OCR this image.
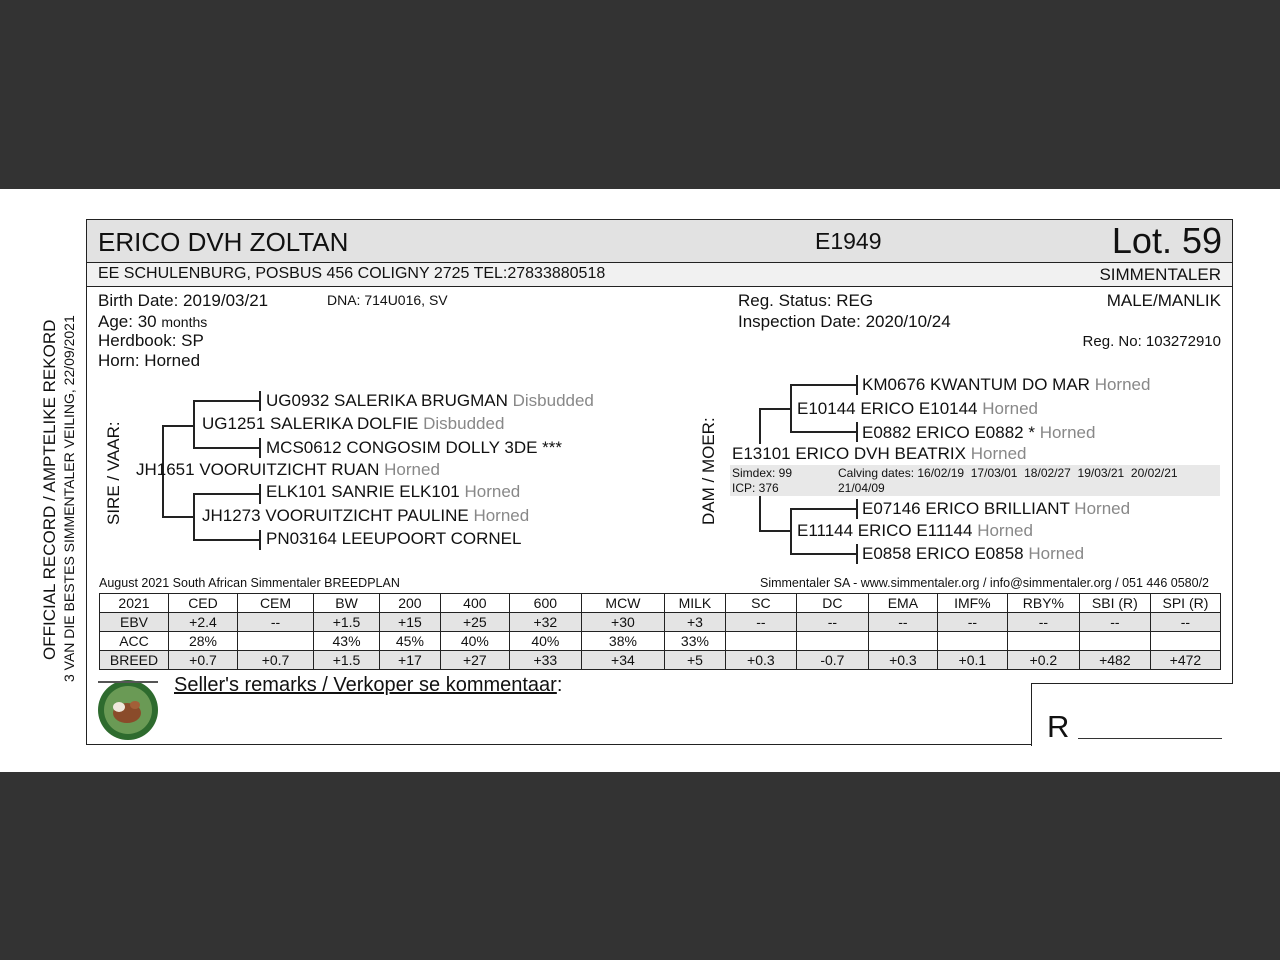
OFFICIAL RECORD / AMPTELIKE REKORD 3 VAN DIE BESTES SIMMENTALER VEILING, 22/09/2021
ERICO DVH ZOLTAN	E1949	Lot. 59
EE SCHULENBURG, POSBUS 456 COLIGNY 2725 TEL:27833880518	SIMMENTALER
Birth Date: 2019/03/21	DNA: 714U016, SV
Age: 30 months
Herdbook: SP
Horn: Horned
Reg. Status: REG
Inspection Date: 2020/10/24
MALE/MANLIK
Reg. No: 103272910
SIRE / VAAR:	DAM / MOER:
UG0932 SALERIKA BRUGMAN Disbudded
UG1251 SALERIKA DOLFIE Disbudded
MCS0612 CONGOSIM DOLLY 3DE ***
JH1651 VOORUITZICHT RUAN Horned
ELK101 SANRIE ELK101 Horned
JH1273 VOORUITZICHT PAULINE Horned
PN03164 LEEUPOORT CORNEL
Simdex: 99
ICP: 376
Calving dates: 16/02/19  17/03/01  18/02/27  19/03/21  20/02/21
21/04/09
KM0676 KWANTUM DO MAR Horned
E10144 ERICO E10144 Horned
E0882 ERICO E0882 * Horned
E13101 ERICO DVH BEATRIX Horned
E07146 ERICO BRILLIANT Horned
E11144 ERICO E11144 Horned
E0858 ERICO E0858 Horned
August 2021 South African Simmentaler BREEDPLAN	Simmentaler SA - www.simmentaler.org / info@simmentaler.org / 051 446 0580/2
2021	CED	CEM	BW	200	400	600	MCW	MILK	SC	DC	EMA	IMF%	RBY%	SBI (R)	SPI (R)
EBV	+2.4	--	+1.5	+15	+25	+32	+30	+3	--	--	--	--	--	--	--
ACC	28%		43%	45%	40%	40%	38%	33%							
BREED	+0.7	+0.7	+1.5	+17	+27	+33	+34	+5	+0.3	-0.7	+0.3	+0.1	+0.2	+482	+472
Seller's remarks / Verkoper se kommentaar:
R
